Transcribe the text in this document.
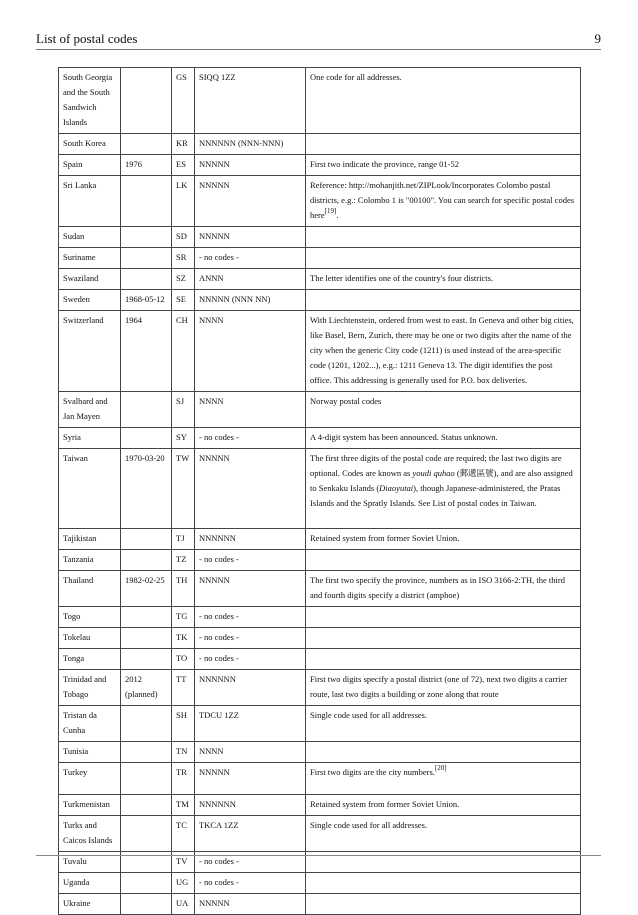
List of postal codes	9
South Georgia and the South Sandwich Islands		GS	SIQQ 1ZZ	One code for all addresses.
South Korea		KR	NNNNNN (NNN-NNN)	
Spain	1976	ES	NNNNN	First two indicate the province, range 01-52
Sri Lanka		LK	NNNNN	Reference: http://mohanjith.net/ZIPLook/Incorporates Colombo postal districts, e.g.: Colombo 1 is "00100". You can search for specific postal codes here[19].
Sudan		SD	NNNNN	
Suriname		SR	- no codes -	
Swaziland		SZ	ANNN	The letter identifies one of the country's four districts.
Sweden	1968-05-12	SE	NNNNN (NNN NN)	
Switzerland	1964	CH	NNNN	With Liechtenstein, ordered from west to east. In Geneva and other big cities, like Basel, Bern, Zurich, there may be one or two digits after the name of the city when the generic City code (1211) is used instead of the area-specific code (1201, 1202...), e.g.: 1211 Geneva 13. The digit identifies the post office. This addressing is generally used for P.O. box deliveries.
Svalbard and Jan Mayen		SJ	NNNN	Norway postal codes
Syria		SY	- no codes -	A 4-digit system has been announced. Status unknown.
Taiwan	1970-03-20	TW	NNNNN	The first three digits of the postal code are required; the last two digits are optional. Codes are known as youdi quhao (郵遞區號), and are also assigned to Senkaku Islands (Diaoyutai), though Japanese-administered, the Pratas Islands and the Spratly Islands. See List of postal codes in Taiwan.
Tajikistan		TJ	NNNNNN	Retained system from former Soviet Union.
Tanzania		TZ	- no codes -	
Thailand	1982-02-25	TH	NNNNN	The first two specify the province, numbers as in ISO 3166-2:TH, the third and fourth digits specify a district (amphoe)
Togo		TG	- no codes -	
Tokelau		TK	- no codes -	
Tonga		TO	- no codes -	
Trinidad and Tobago	2012 (planned)	TT	NNNNNN	First two digits specify a postal district (one of 72), next two digits a carrier route, last two digits a building or zone along that route
Tristan da Cunha		SH	TDCU 1ZZ	Single code used for all addresses.
Tunisia		TN	NNNN	
Turkey		TR	NNNNN	First two digits are the city numbers.[20]
Turkmenistan		TM	NNNNNN	Retained system from former Soviet Union.
Turks and Caicos Islands		TC	TKCA 1ZZ	Single code used for all addresses.
Tuvalu		TV	- no codes -	
Uganda		UG	- no codes -	
Ukraine		UA	NNNNN	
